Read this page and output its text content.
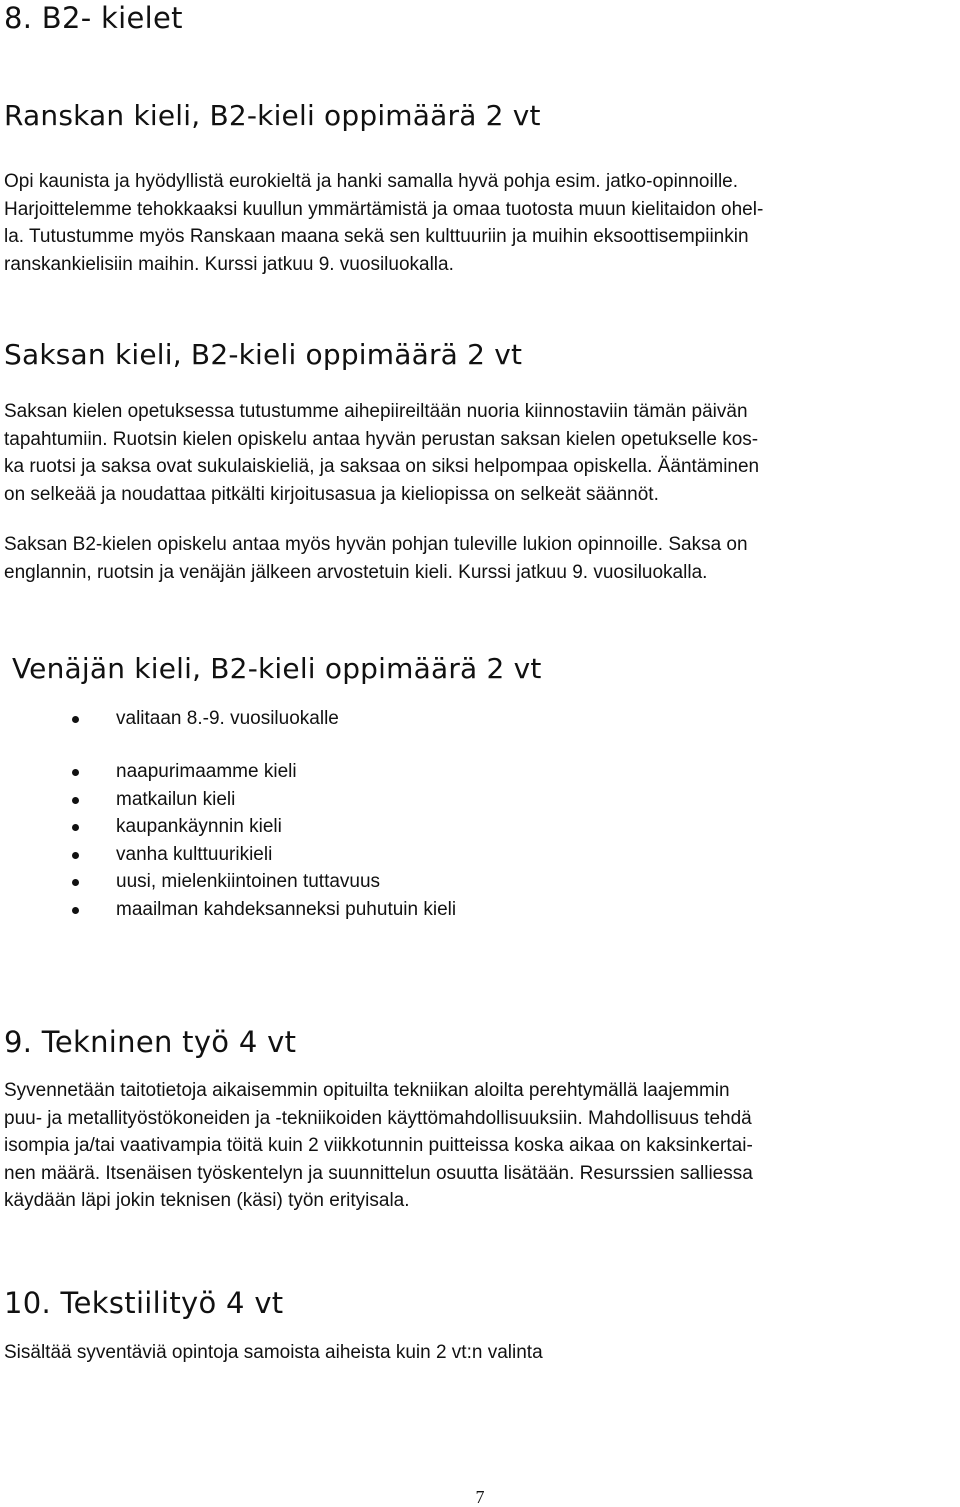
8. B2- kielet
Ranskan kieli, B2-kieli oppimäärä 2 vt
Opi kaunista ja hyödyllistä eurokieltä ja hanki samalla hyvä pohja esim. jatko-opinnoille.
Harjoittelemme tehokkaaksi kuullun ymmärtämistä ja omaa tuotosta muun kielitaidon ohel-
la. Tutustumme myös Ranskaan maana sekä sen kulttuuriin ja muihin eksoottisempiinkin
ranskankielisiin maihin. Kurssi jatkuu 9. vuosiluokalla.
Saksan kieli, B2-kieli oppimäärä 2 vt
Saksan kielen opetuksessa tutustumme aihepiireiltään nuoria kiinnostaviin tämän päivän
tapahtumiin. Ruotsin kielen opiskelu antaa hyvän perustan saksan kielen opetukselle kos-
ka ruotsi ja saksa ovat sukulaiskieliä, ja saksaa on siksi helpompaa opiskella. Ääntäminen
on selkeää ja noudattaa pitkälti kirjoitusasua ja kieliopissa on selkeät säännöt.
Saksan B2-kielen opiskelu antaa myös hyvän pohjan tuleville lukion opinnoille. Saksa on
englannin, ruotsin ja venäjän jälkeen arvostetuin kieli. Kurssi jatkuu 9. vuosiluokalla.
Venäjän kieli, B2-kieli oppimäärä 2 vt
valitaan 8.-9. vuosiluokalle
naapurimaamme kieli
matkailun kieli
kaupankäynnin kieli
vanha kulttuurikieli
uusi, mielenkiintoinen tuttavuus
maailman kahdeksanneksi puhutuin kieli
9. Tekninen työ 4 vt
Syvennetään taitotietoja aikaisemmin opituilta tekniikan aloilta perehtymällä laajemmin
puu- ja metallityöstökoneiden ja -tekniikoiden käyttömahdollisuuksiin. Mahdollisuus tehdä
isompia ja/tai vaativampia töitä kuin 2 viikkotunnin puitteissa koska aikaa on kaksinkertai-
nen määrä. Itsenäisen työskentelyn ja suunnittelun osuutta lisätään. Resurssien salliessa
käydään läpi jokin teknisen (käsi) työn erityisala.
10. Tekstiilityö 4 vt
Sisältää syventäviä opintoja samoista aiheista kuin 2 vt:n valinta
7
